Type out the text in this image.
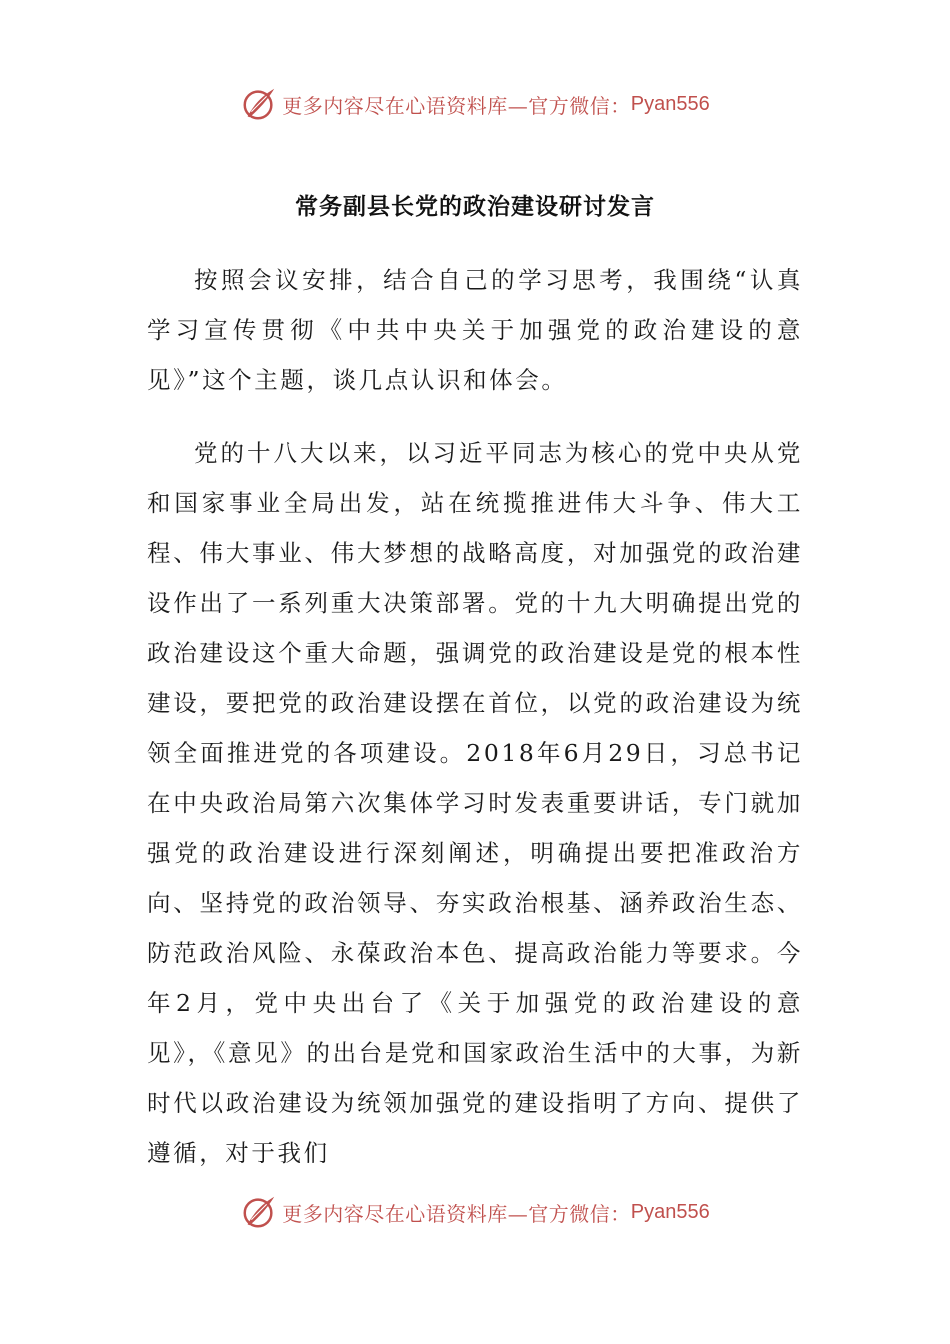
更多内容尽在心语资料库—官方微信： Pyan556
常务副县长党的政治建设研讨发言

按照会议安排，结合自己的学习思考，我围绕“认真学习宣传贯彻《中共中央关于加强党的政治建设的意见》”这个主题，谈几点认识和体会。

党的十八大以来，以习近平同志为核心的党中央从党和国家事业全局出发，站在统揽推进伟大斗争、伟大工程、伟大事业、伟大梦想的战略高度，对加强党的政治建设作出了一系列重大决策部署。党的十九大明确提出党的政治建设这个重大命题，强调党的政治建设是党的根本性建设，要把党的政治建设摆在首位，以党的政治建设为统领全面推进党的各项建设。2018年6月29日，习总书记在中央政治局第六次集体学习时发表重要讲话，专门就加强党的政治建设进行深刻阐述，明确提出要把准政治方向、坚持党的政治领导、夯实政治根基、涵养政治生态、防范政治风险、永葆政治本色、提高政治能力等要求。今年2月，党中央出台了《关于加强党的政治建设的意见》，《意见》的出台是党和国家政治生活中的大事，为新时代以政治建设为统领加强党的建设指明了方向、提供了遵循，对于我们

更多内容尽在心语资料库—官方微信： Pyan556
